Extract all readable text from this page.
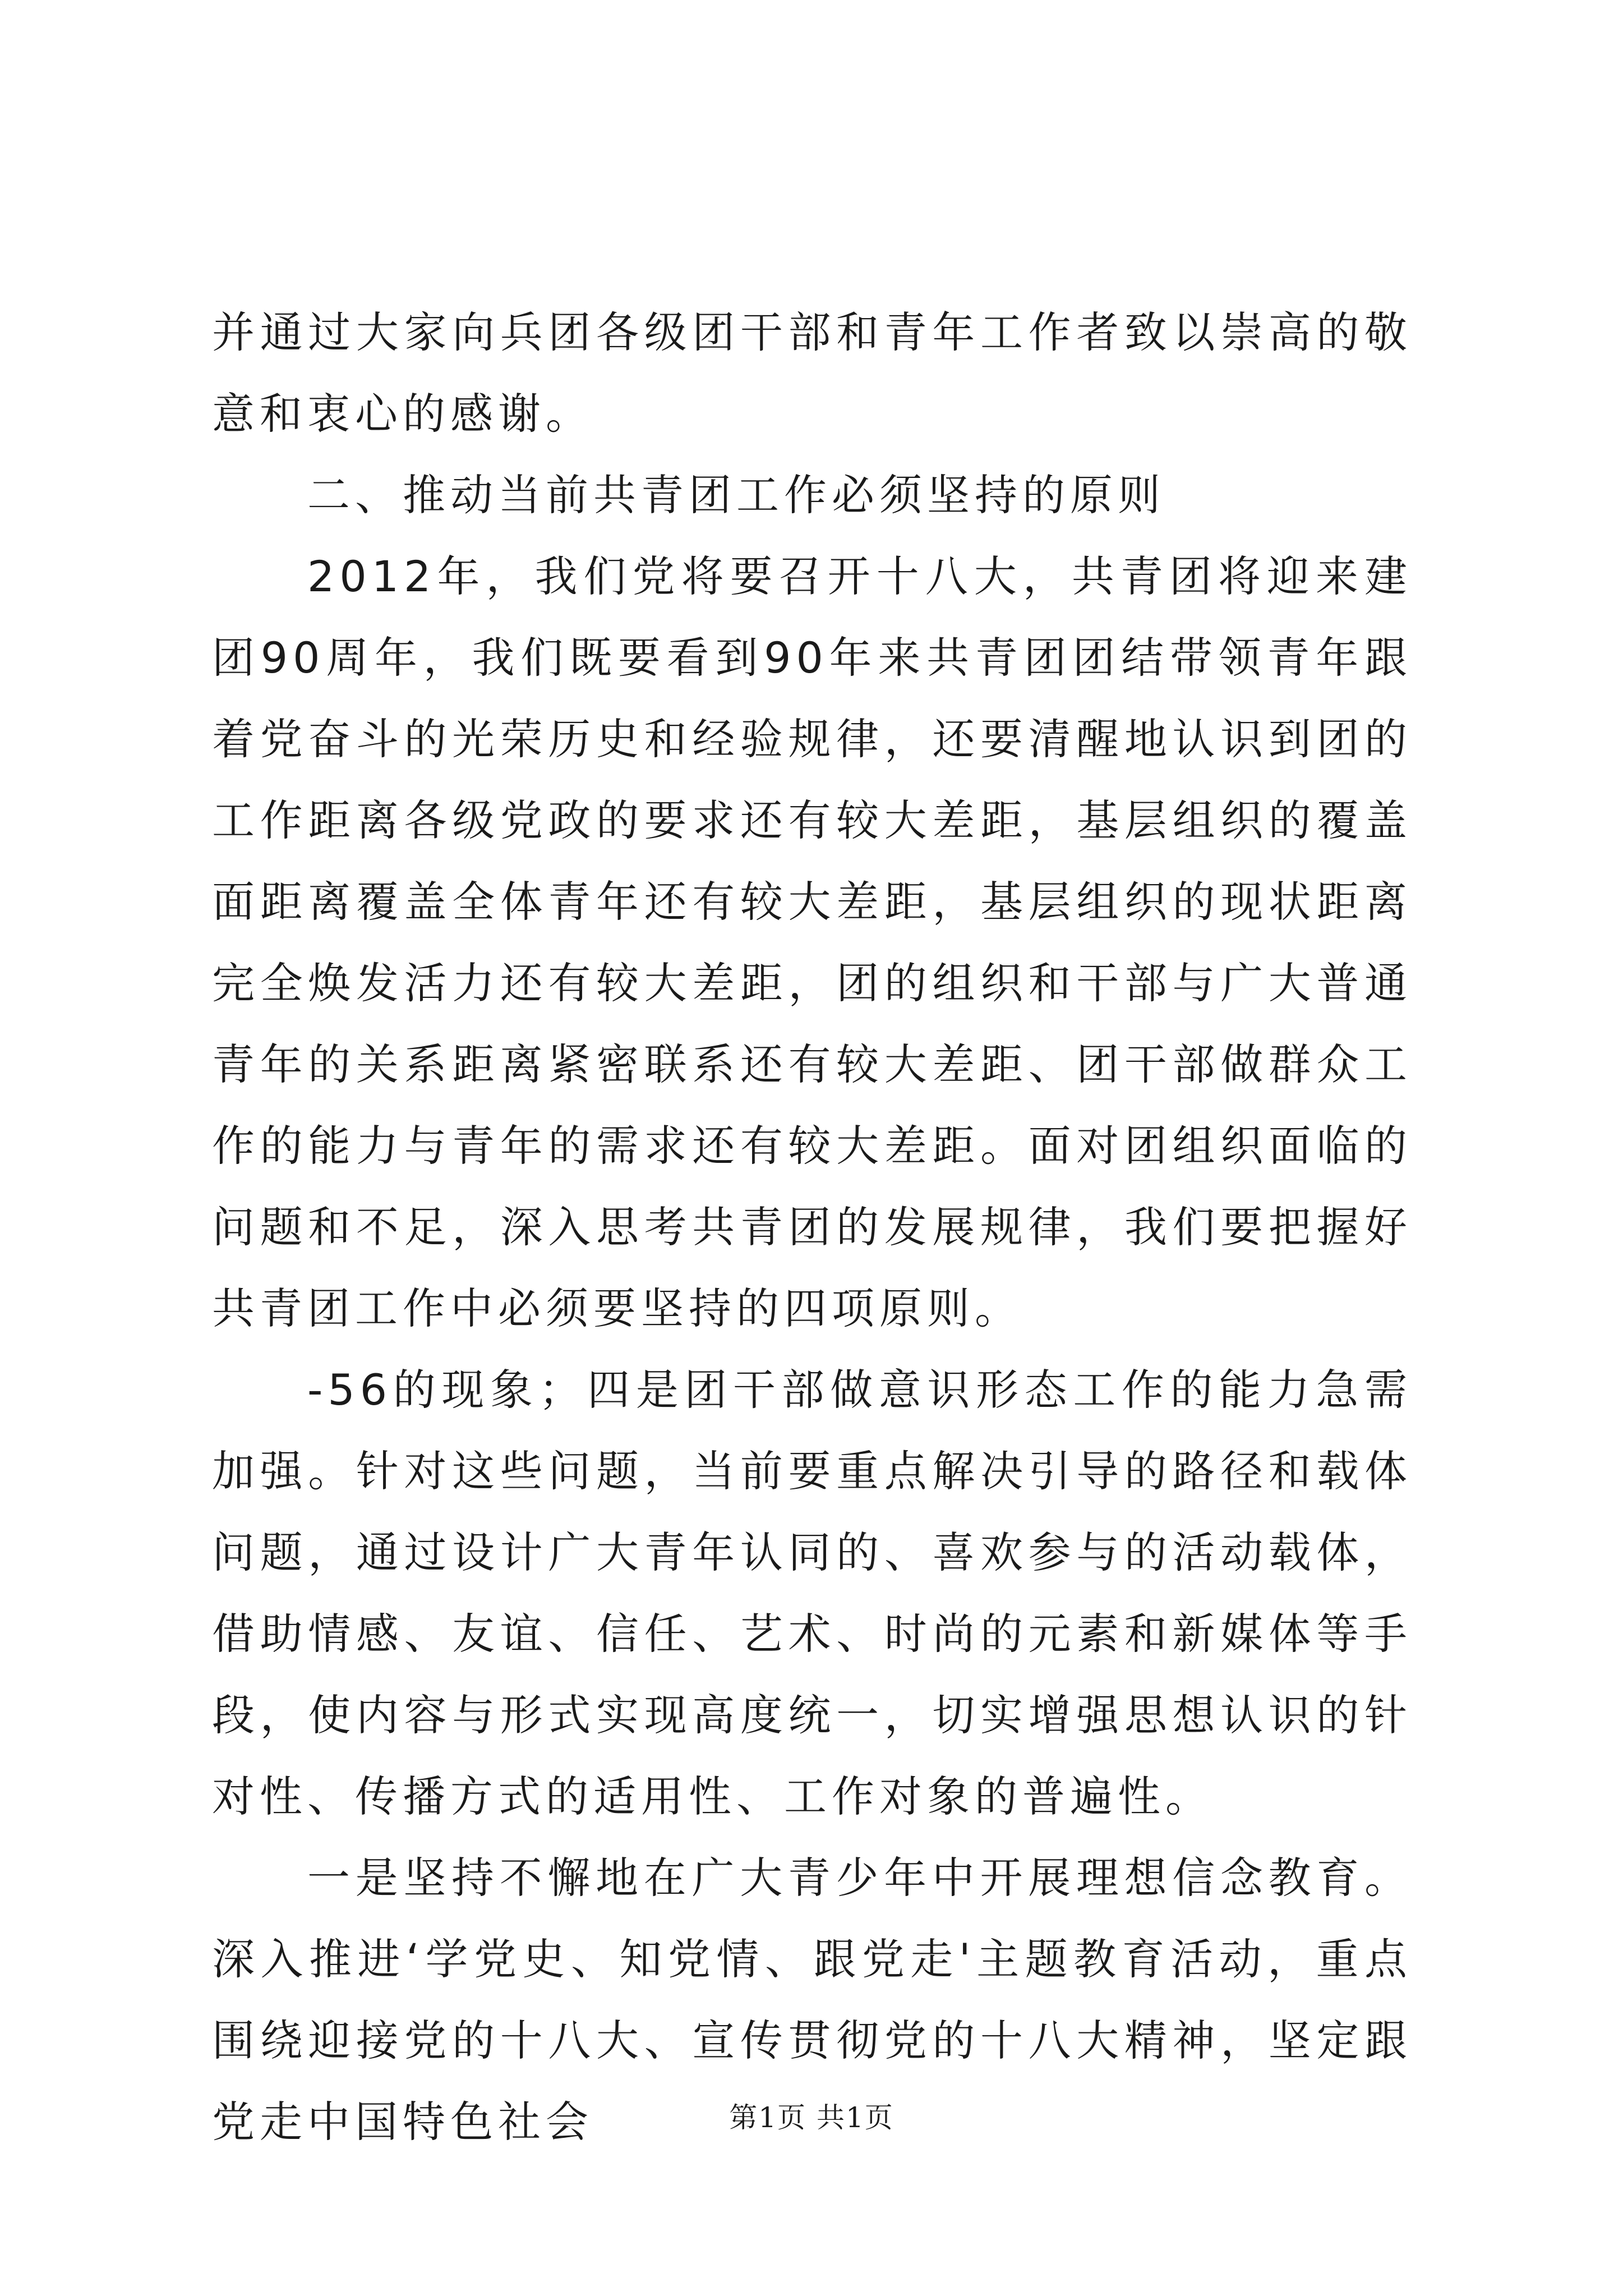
并通过大家向兵团各级团干部和青年工作者致以崇高的敬意和衷心的感谢。

二、推动当前共青团工作必须坚持的原则

2012年，我们党将要召开十八大，共青团将迎来建团90周年，我们既要看到90年来共青团团结带领青年跟着党奋斗的光荣历史和经验规律，还要清醒地认识到团的工作距离各级党政的要求还有较大差距，基层组织的覆盖面距离覆盖全体青年还有较大差距，基层组织的现状距离完全焕发活力还有较大差距，团的组织和干部与广大普通青年的关系距离紧密联系还有较大差距、团干部做群众工作的能力与青年的需求还有较大差距。面对团组织面临的问题和不足，深入思考共青团的发展规律，我们要把握好共青团工作中必须要坚持的四项原则。

-56的现象；四是团干部做意识形态工作的能力急需加强。针对这些问题，当前要重点解决引导的路径和载体问题，通过设计广大青年认同的、喜欢参与的活动载体，借助情感、友谊、信任、艺术、时尚的元素和新媒体等手段，使内容与形式实现高度统一，切实增强思想认识的针对性、传播方式的适用性、工作对象的普遍性。

一是坚持不懈地在广大青少年中开展理想信念教育。深入推进‘学党史、知党情、跟党走'主题教育活动，重点围绕迎接党的十八大、宣传贯彻党的十八大精神，坚定跟党走中国特色社会	第1页 共1页
